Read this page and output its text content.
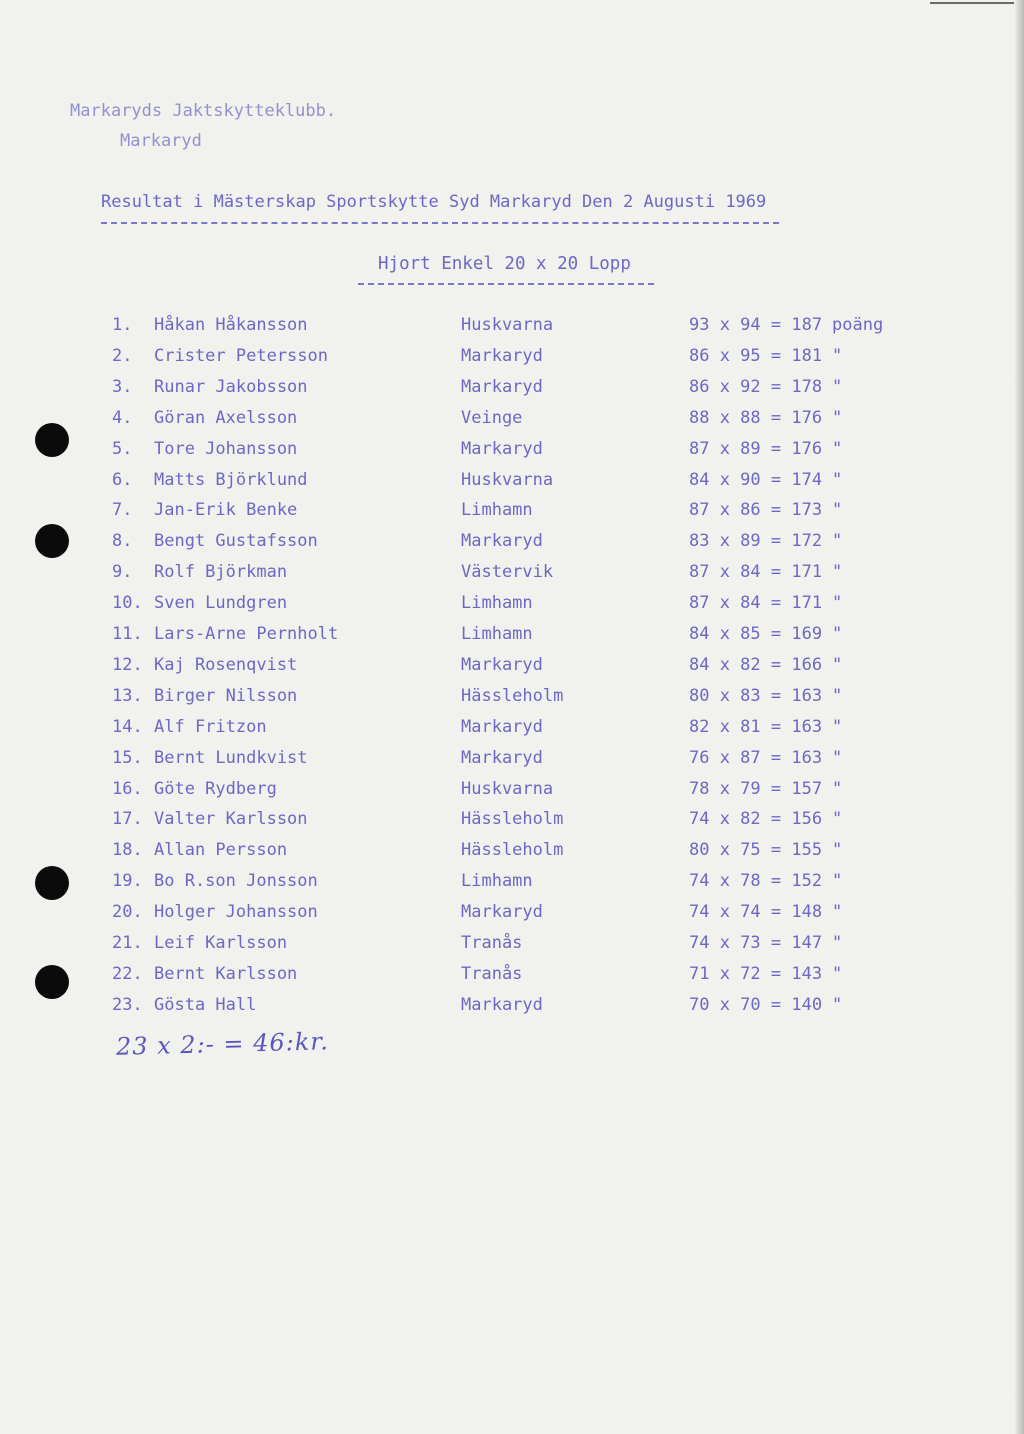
Markaryds Jaktskytteklubb.
Markaryd
Resultat i Mästerskap Sportskytte Syd Markaryd Den 2 Augusti 1969
Hjort Enkel 20 x 20 Lopp
1.	Håkan Håkansson	Huskvarna	93 x 94 = 187 poäng
2.	Crister Petersson	Markaryd	86 x 95 = 181 "
3.	Runar Jakobsson	Markaryd	86 x 92 = 178 "
4.	Göran Axelsson	Veinge	88 x 88 = 176 "
5.	Tore Johansson	Markaryd	87 x 89 = 176 "
6.	Matts Björklund	Huskvarna	84 x 90 = 174 "
7.	Jan-Erik Benke	Limhamn	87 x 86 = 173 "
8.	Bengt Gustafsson	Markaryd	83 x 89 = 172 "
9.	Rolf Björkman	Västervik	87 x 84 = 171 "
10. Sven Lundgren	Limhamn	87 x 84 = 171 "
11. Lars-Arne Pernholt	Limhamn	84 x 85 = 169 "
12. Kaj Rosenqvist	Markaryd	84 x 82 = 166 "
13. Birger Nilsson	Hässleholm	80 x 83 = 163 "
14. Alf Fritzon	Markaryd	82 x 81 = 163 "
15. Bernt Lundkvist	Markaryd	76 x 87 = 163 "
16. Göte Rydberg	Huskvarna	78 x 79 = 157 "
17. Valter Karlsson	Hässleholm	74 x 82 = 156 "
18. Allan Persson	Hässleholm	80 x 75 = 155 "
19. Bo R.son Jonsson	Limhamn	74 x 78 = 152 "
20. Holger Johansson	Markaryd	74 x 74 = 148 "
21. Leif Karlsson	Tranås	74 x 73 = 147 "
22. Bernt Karlsson	Tranås	71 x 72 = 143 "
23. Gösta Hall	Markaryd	70 x 70 = 140 "
23 x 2:- = 46:kr.
